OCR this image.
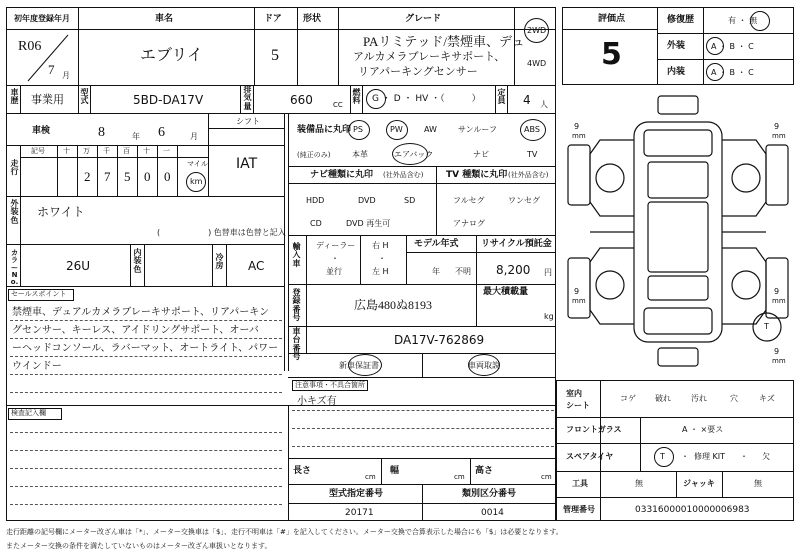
初年度登録年月	車名	ドア 形状	グレード
R06
7 月
エブリイ	5
PAリミテッド/禁煙車、デュ
アルカメラブレーキサポート、
リアパーキングセンサー
2WD
4WD
車歴 事業用
型式	5BD-DA17V
排気量	660	CC
燃料 G ・ D ・ HV ・（　　　）
定員 4 人
車検	8	年 6	月
シフト
IAT
走行
記号	十 万 千 百 十 一
2 7 5 0 0
マイル
km
外装色
ホワイト
(　　　　　　) 色替車は色替と記入
カラーNo.
26U
内装色
冷房 AC
セールスポイント
禁煙車、デュアルカメラブレーキサポート、リアパーキン
グセンサー、キーレス、アイドリングサポート、オーバ
ーヘッドコンソール、ラバーマット、オートライト、パワー
ウインドー
検査記入欄
装備品に丸印
(純正のみ)
PS	PW	AW	サンルーフ	ABS
本革	エアバック	ナビ	TV
ナビ種類に丸印 (社外品含む)	TV 種類に丸印 (社外品含む)
HDD	DVD	SD
CD	DVD 再生可
フルセグ	ワンセグ
アナログ
輸入車
ディーラー
・
並行
右 H
・
左 H
モデル年式
年 不明
リサイクル預託金
8,200 円
登録番号
広島480ぬ8193
最大積載量
kg
車台番号
DA17V-762869
新車保証書	車両取説
注意事項・不具合箇所
小キズ有
長さ
cm
幅
cm
高さ
cm
型式指定番号
20171
類別区分番号
0014
評価点
5
修復歴	有 ・ 無
外装	A ・ B ・ C
内装	A ・ B ・ C
9
mm
9
mm
9
mm
9
mm
T
9
mm
室内
シート
コゲ 破れ	汚れ	穴	キズ
フロントガラス	A ・ ×要ス
スペアタイヤ	T ・ 修理 KIT ・ 欠
工具	無	ジャッキ	無
管理番号	03316000010000006983
走行距離の記号欄にメーター改ざん車は「*」、メーター交換車は「$」、走行不明車は「#」を記入してください。メーター交換で合算表示した場合にも「$」は必要となります。
またメーター交換の条件を満たしていないものはメーター改ざん車扱いとなります。
